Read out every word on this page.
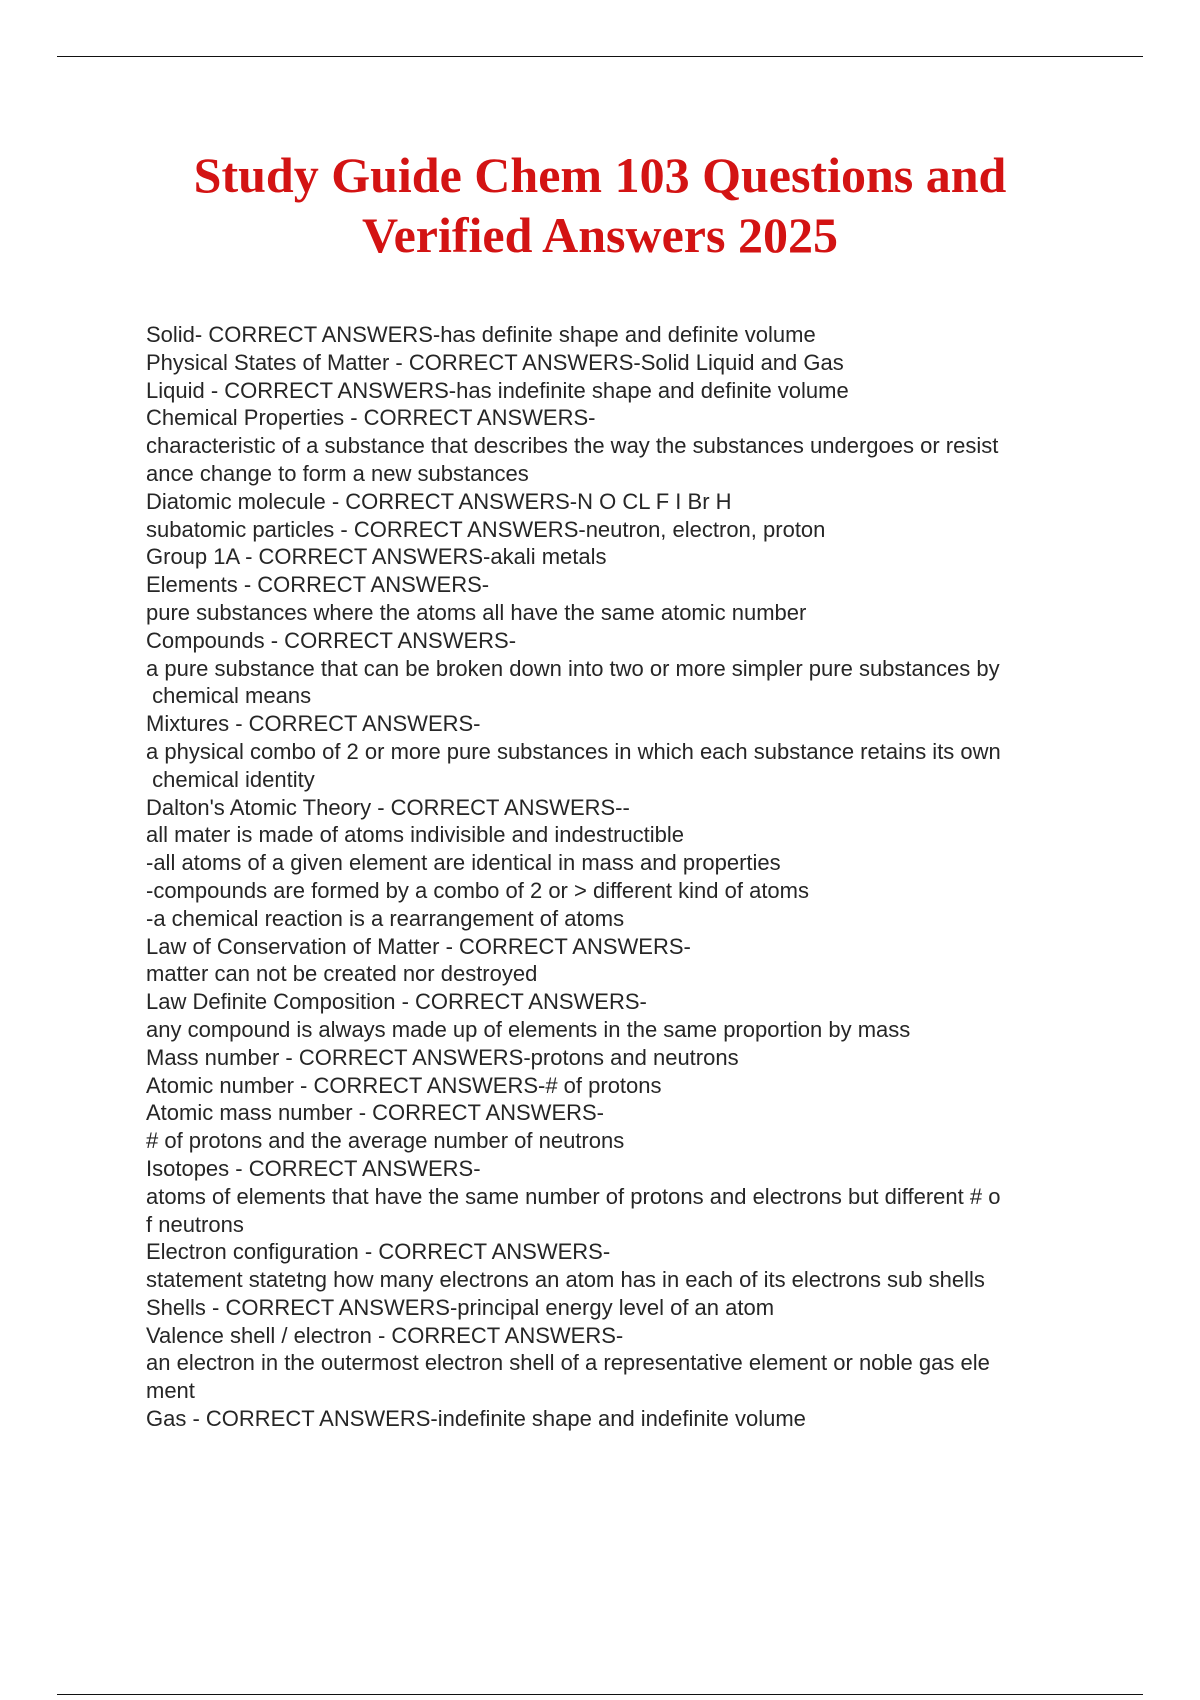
Study Guide Chem 103 Questions and
Verified Answers 2025
Solid- CORRECT ANSWERS-has definite shape and definite volume
Physical States of Matter - CORRECT ANSWERS-Solid Liquid and Gas
Liquid - CORRECT ANSWERS-has indefinite shape and definite volume
Chemical Properties - CORRECT ANSWERS-
characteristic of a substance that describes the way the substances undergoes or resist
ance change to form a new substances
Diatomic molecule - CORRECT ANSWERS-N O CL F I Br H
subatomic particles - CORRECT ANSWERS-neutron, electron, proton
Group 1A - CORRECT ANSWERS-akali metals
Elements - CORRECT ANSWERS-
pure substances where the atoms all have the same atomic number
Compounds - CORRECT ANSWERS-
a pure substance that can be broken down into two or more simpler pure substances by
chemical means
Mixtures - CORRECT ANSWERS-
a physical combo of 2 or more pure substances in which each substance retains its own
chemical identity
Dalton's Atomic Theory - CORRECT ANSWERS--
all mater is made of atoms indivisible and indestructible
-all atoms of a given element are identical in mass and properties
-compounds are formed by a combo of 2 or > different kind of atoms
-a chemical reaction is a rearrangement of atoms
Law of Conservation of Matter - CORRECT ANSWERS-
matter can not be created nor destroyed
Law Definite Composition - CORRECT ANSWERS-
any compound is always made up of elements in the same proportion by mass
Mass number - CORRECT ANSWERS-protons and neutrons
Atomic number - CORRECT ANSWERS-# of protons
Atomic mass number - CORRECT ANSWERS-
# of protons and the average number of neutrons
Isotopes - CORRECT ANSWERS-
atoms of elements that have the same number of protons and electrons but different # o
f neutrons
Electron configuration - CORRECT ANSWERS-
statement statetng how many electrons an atom has in each of its electrons sub shells
Shells - CORRECT ANSWERS-principal energy level of an atom
Valence shell / electron - CORRECT ANSWERS-
an electron in the outermost electron shell of a representative element or noble gas ele
ment
Gas - CORRECT ANSWERS-indefinite shape and indefinite volume
